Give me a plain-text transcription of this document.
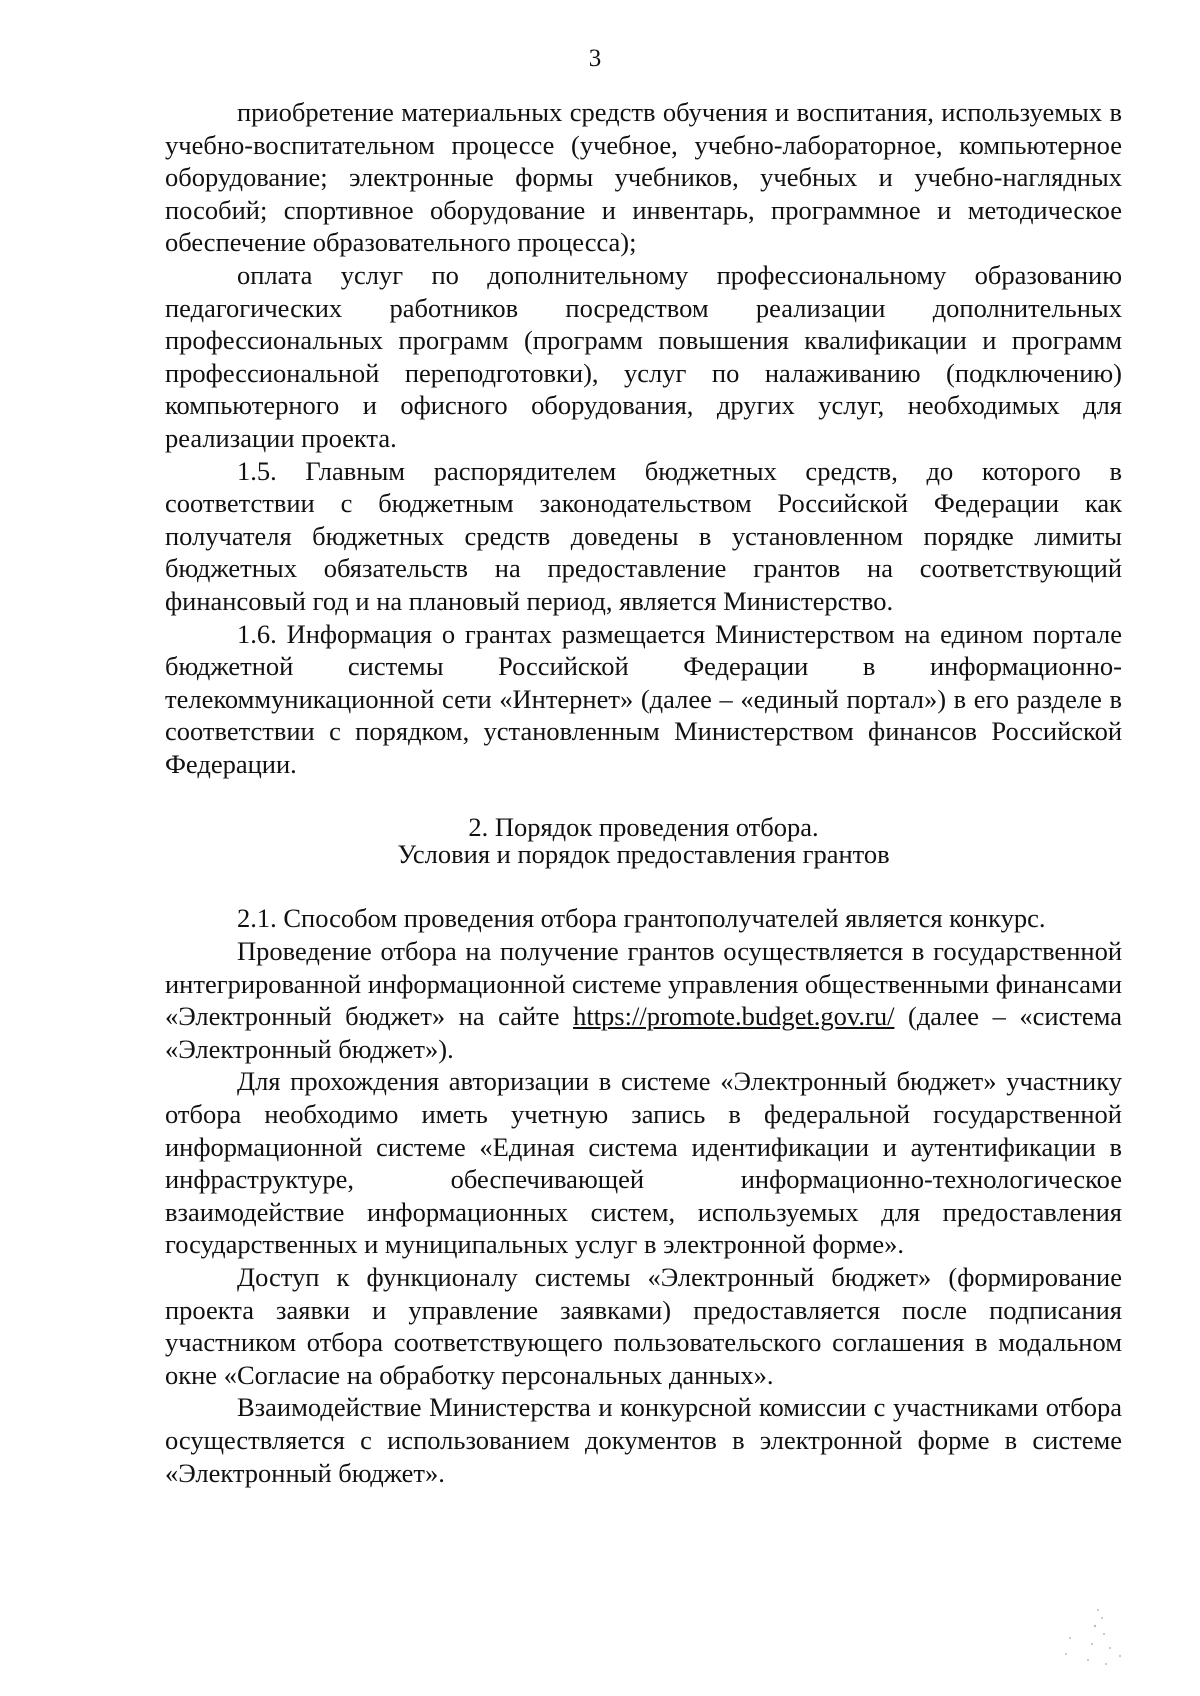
3

приобретение материальных средств обучения и воспитания, используемых в учебно-воспитательном процессе (учебное, учебно-лабораторное, компьютерное оборудование; электронные формы учебников, учебных и учебно-наглядных пособий; спортивное оборудование и инвентарь, программное и методическое обеспечение образовательного процесса);

оплата услуг по дополнительному профессиональному образованию педагогических работников посредством реализации дополнительных профессиональных программ (программ повышения квалификации и программ профессиональной переподготовки), услуг по налаживанию (подключению) компьютерного и офисного оборудования, других услуг, необходимых для реализации проекта.

1.5. Главным распорядителем бюджетных средств, до которого в соответствии с бюджетным законодательством Российской Федерации как получателя бюджетных средств доведены в установленном порядке лимиты бюджетных обязательств на предоставление грантов на соответствующий финансовый год и на плановый период, является Министерство.

1.6. Информация о грантах размещается Министерством на едином портале бюджетной системы Российской Федерации в информационно-телекоммуникационной сети «Интернет» (далее – «единый портал») в его разделе в соответствии с порядком, установленным Министерством финансов Российской Федерации.

2. Порядок проведения отбора.
Условия и порядок предоставления грантов

2.1. Способом проведения отбора грантополучателей является конкурс.

Проведение отбора на получение грантов осуществляется в государственной интегрированной информационной системе управления общественными финансами «Электронный бюджет» на сайте https://promote.budget.gov.ru/ (далее – «система «Электронный бюджет»).

Для прохождения авторизации в системе «Электронный бюджет» участнику отбора необходимо иметь учетную запись в федеральной государственной информационной системе «Единая система идентификации и аутентификации в инфраструктуре, обеспечивающей информационно-технологическое взаимодействие информационных систем, используемых для предоставления государственных и муниципальных услуг в электронной форме».

Доступ к функционалу системы «Электронный бюджет» (формирование проекта заявки и управление заявками) предоставляется после подписания участником отбора соответствующего пользовательского соглашения в модальном окне «Согласие на обработку персональных данных».

Взаимодействие Министерства и конкурсной комиссии с участниками отбора осуществляется с использованием документов в электронной форме в системе «Электронный бюджет».
